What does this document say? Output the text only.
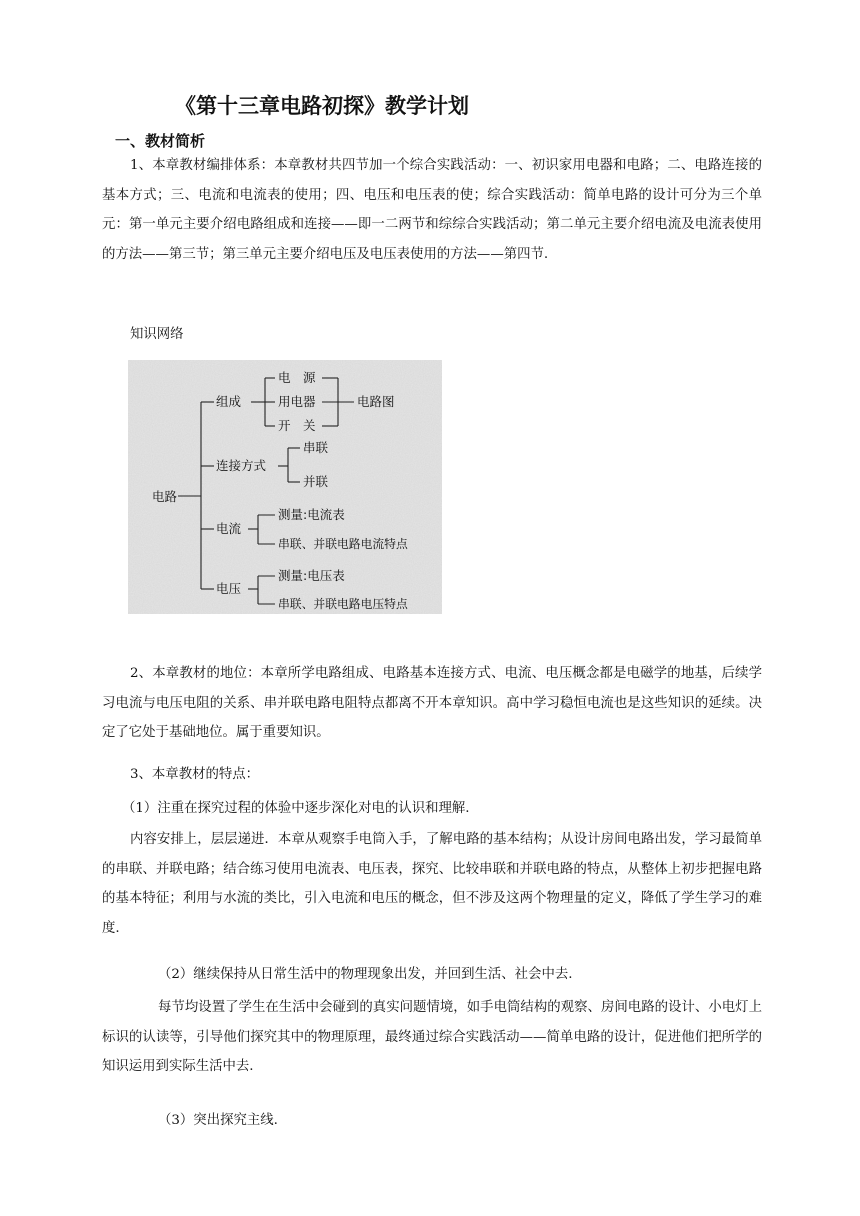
《第十三章电路初探》教学计划
一、教材简析
1、本章教材编排体系：本章教材共四节加一个综合实践活动：一、初识家用电器和电路；二、电路连接的基本方式；三、电流和电流表的使用；四、电压和电压表的使；综合实践活动：简单电路的设计可分为三个单元：第一单元主要介绍电路组成和连接——即一二两节和综综合实践活动；第二单元主要介绍电流及电流表使用的方法——第三节；第三单元主要介绍电压及电压表使用的方法——第四节.
知识网络
电路
组成
电　源
用电器
开　关
电路图
连接方式
串联
并联
电流
测量:电流表
串联、并联电路电流特点
电压
测量:电压表
串联、并联电路电压特点
2、本章教材的地位：本章所学电路组成、电路基本连接方式、电流、电压概念都是电磁学的地基，后续学习电流与电压电阻的关系、串并联电路电阻特点都离不开本章知识。高中学习稳恒电流也是这些知识的延续。决定了它处于基础地位。属于重要知识。
3、本章教材的特点：
（1）注重在探究过程的体验中逐步深化对电的认识和理解.
内容安排上，层层递进．本章从观察手电筒入手，了解电路的基本结构；从设计房间电路出发，学习最简单的串联、并联电路；结合练习使用电流表、电压表，探究、比较串联和并联电路的特点，从整体上初步把握电路的基本特征；利用与水流的类比，引入电流和电压的概念，但不涉及这两个物理量的定义，降低了学生学习的难度.
（2）继续保持从日常生活中的物理现象出发，并回到生活、社会中去.
每节均设置了学生在生活中会碰到的真实问题情境，如手电筒结构的观察、房间电路的设计、小电灯上标识的认读等，引导他们探究其中的物理原理，最终通过综合实践活动——简单电路的设计，促进他们把所学的知识运用到实际生活中去.
（3）突出探究主线.
